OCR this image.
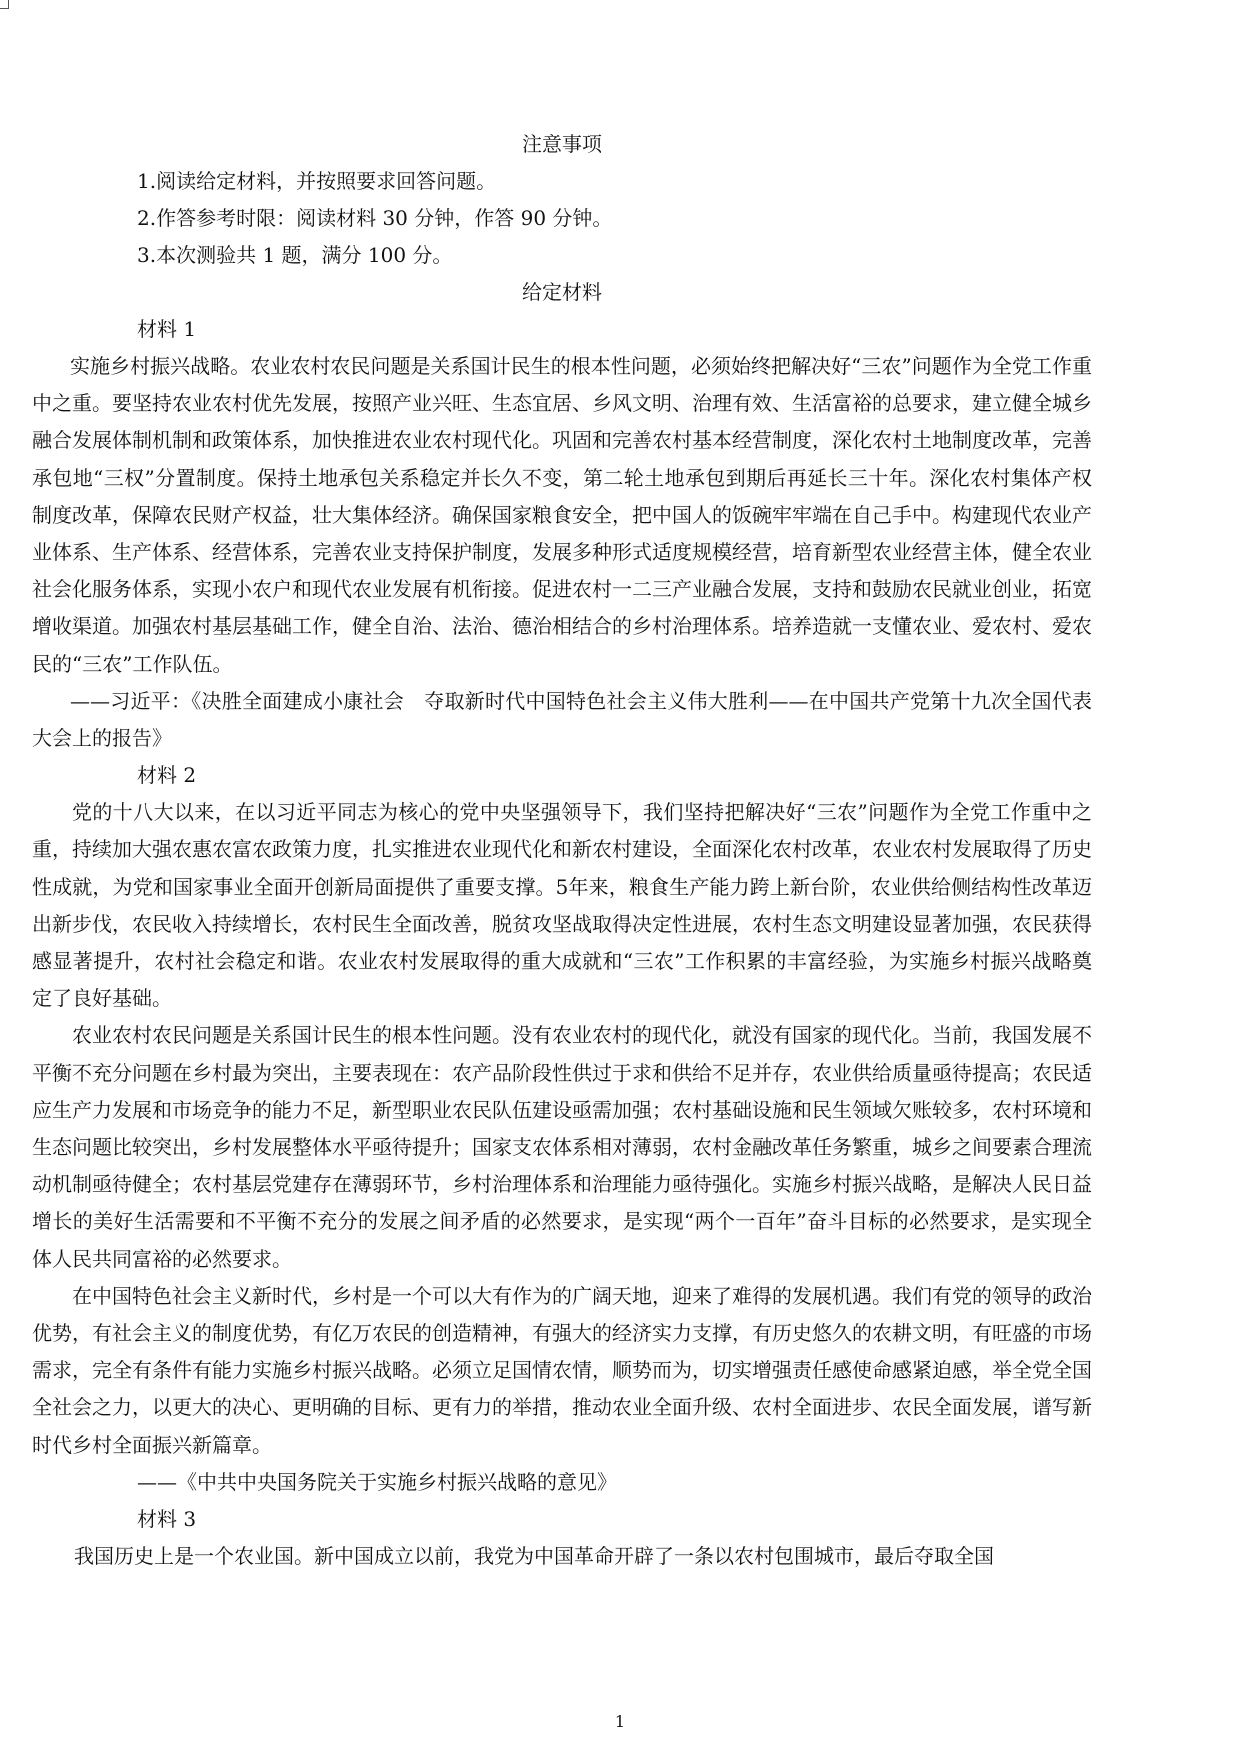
注意事项
1.阅读给定材料，并按照要求回答问题。
2.作答参考时限：阅读材料 30 分钟，作答 90 分钟。
3.本次测验共 1 题，满分 100 分。
给定材料
材料 1

实施乡村振兴战略。农业农村农民问题是关系国计民生的根本性问题，必须始终把解决好“三农”问题作为全党工作重中之重。要坚持农业农村优先发展，按照产业兴旺、生态宜居、乡风文明、治理有效、生活富裕的总要求，建立健全城乡融合发展体制机制和政策体系，加快推进农业农村现代化。巩固和完善农村基本经营制度，深化农村土地制度改革，完善承包地“三权”分置制度。保持土地承包关系稳定并长久不变，第二轮土地承包到期后再延长三十年。深化农村集体产权制度改革，保障农民财产权益，壮大集体经济。确保国家粮食安全，把中国人的饭碗牢牢端在自己手中。构建现代农业产业体系、生产体系、经营体系，完善农业支持保护制度，发展多种形式适度规模经营，培育新型农业经营主体，健全农业社会化服务体系，实现小农户和现代农业发展有机衔接。促进农村一二三产业融合发展，支持和鼓励农民就业创业，拓宽增收渠道。加强农村基层基础工作，健全自治、法治、德治相结合的乡村治理体系。培养造就一支懂农业、爱农村、爱农民的“三农”工作队伍。

——习近平：《决胜全面建成小康社会　夺取新时代中国特色社会主义伟大胜利——在中国共产党第十九次全国代表大会上的报告》

材料 2

党的十八大以来，在以习近平同志为核心的党中央坚强领导下，我们坚持把解决好“三农”问题作为全党工作重中之重，持续加大强农惠农富农政策力度，扎实推进农业现代化和新农村建设，全面深化农村改革，农业农村发展取得了历史性成就，为党和国家事业全面开创新局面提供了重要支撑。5年来，粮食生产能力跨上新台阶，农业供给侧结构性改革迈出新步伐，农民收入持续增长，农村民生全面改善，脱贫攻坚战取得决定性进展，农村生态文明建设显著加强，农民获得感显著提升，农村社会稳定和谐。农业农村发展取得的重大成就和“三农”工作积累的丰富经验，为实施乡村振兴战略奠定了良好基础。

农业农村农民问题是关系国计民生的根本性问题。没有农业农村的现代化，就没有国家的现代化。当前，我国发展不平衡不充分问题在乡村最为突出，主要表现在：农产品阶段性供过于求和供给不足并存，农业供给质量亟待提高；农民适应生产力发展和市场竞争的能力不足，新型职业农民队伍建设亟需加强；农村基础设施和民生领域欠账较多，农村环境和生态问题比较突出，乡村发展整体水平亟待提升；国家支农体系相对薄弱，农村金融改革任务繁重，城乡之间要素合理流动机制亟待健全；农村基层党建存在薄弱环节，乡村治理体系和治理能力亟待强化。实施乡村振兴战略，是解决人民日益增长的美好生活需要和不平衡不充分的发展之间矛盾的必然要求，是实现“两个一百年”奋斗目标的必然要求，是实现全体人民共同富裕的必然要求。

在中国特色社会主义新时代，乡村是一个可以大有作为的广阔天地，迎来了难得的发展机遇。我们有党的领导的政治优势，有社会主义的制度优势，有亿万农民的创造精神，有强大的经济实力支撑，有历史悠久的农耕文明，有旺盛的市场需求，完全有条件有能力实施乡村振兴战略。必须立足国情农情，顺势而为，切实增强责任感使命感紧迫感，举全党全国全社会之力，以更大的决心、更明确的目标、更有力的举措，推动农业全面升级、农村全面进步、农民全面发展，谱写新时代乡村全面振兴新篇章。

——《中共中央国务院关于实施乡村振兴战略的意见》

材料 3

我国历史上是一个农业国。新中国成立以前，我党为中国革命开辟了一条以农村包围城市，最后夺取全国

1
